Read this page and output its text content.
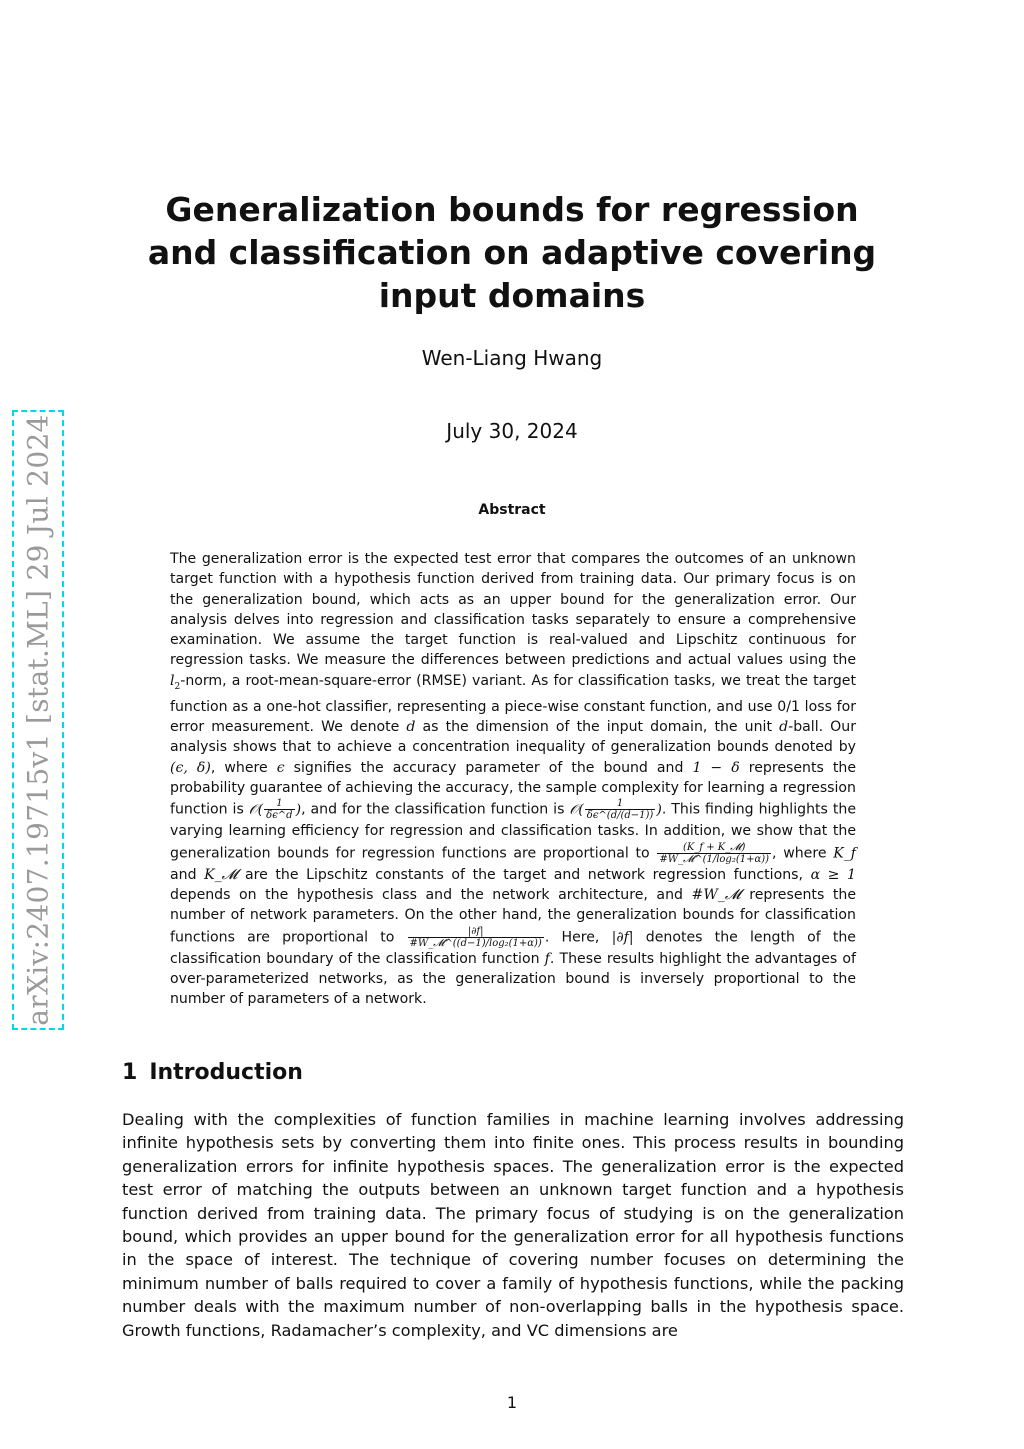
arXiv:2407.19715v1 [stat.ML] 29 Jul 2024
Generalization bounds for regression and classification on adaptive covering input domains
Wen-Liang Hwang
July 30, 2024
Abstract
The generalization error is the expected test error that compares the outcomes of an unknown target function with a hypothesis function derived from training data. Our primary focus is on the generalization bound, which acts as an upper bound for the generalization error. Our analysis delves into regression and classification tasks separately to ensure a comprehensive examination. We assume the target function is real-valued and Lipschitz continuous for regression tasks. We measure the differences between predictions and actual values using the $l_2$-norm, a root-mean-square-error (RMSE) variant. As for classification tasks, we treat the target function as a one-hot classifier, representing a piece-wise constant function, and use 0/1 loss for error measurement. We denote d as the dimension of the input domain, the unit d-ball. Our analysis shows that to achieve a concentration inequality of generalization bounds denoted by (ϵ, δ), where ϵ signifies the accuracy parameter of the bound and 1 − δ represents the probability guarantee of achieving the accuracy, the sample complexity for learning a regression function is 𝒪( $\frac{1}{\delta\epsilon\^{}d}$ ), and for the classification function is 𝒪( $\frac{1}{\delta\epsilon\^{}(d/(d-1))}$ ). This finding highlights the varying learning efficiency for regression and classification tasks. In addition, we show that the generalization bounds for regression functions are proportional to $\frac{\text{(K\_f + K\_𝓜)}}{\text{\#W\_𝓜\textasciicircum{}(1/log₂(1+α))}}$ , where K_f and K_𝓜 are the Lipschitz constants of the target and network regression functions, α ≥ 1 depends on the hypothesis class and the network architecture, and #W_𝓜 represents the number of network parameters. On the other hand, the generalization bounds for classification functions are proportional to $\frac{|\partial f|}{\text{\#W\_𝓜\textasciicircum{}((d−1)/log₂(1+α))}}$ . Here, |∂f| denotes the length of the classification boundary of the classification function f. These results highlight the advantages of over-parameterized networks, as the generalization bound is inversely proportional to the number of parameters of a network.
1 Introduction
Dealing with the complexities of function families in machine learning involves addressing infinite hypothesis sets by converting them into finite ones. This process results in bounding generalization errors for infinite hypothesis spaces. The generalization error is the expected test error of matching the outputs between an unknown target function and a hypothesis function derived from training data. The primary focus of studying is on the generalization bound, which provides an upper bound for the generalization error for all hypothesis functions in the space of interest. The technique of covering number focuses on determining the minimum number of balls required to cover a family of hypothesis functions, while the packing number deals with the maximum number of non-overlapping balls in the hypothesis space. Growth functions, Radamacher’s complexity, and VC dimensions are
1
